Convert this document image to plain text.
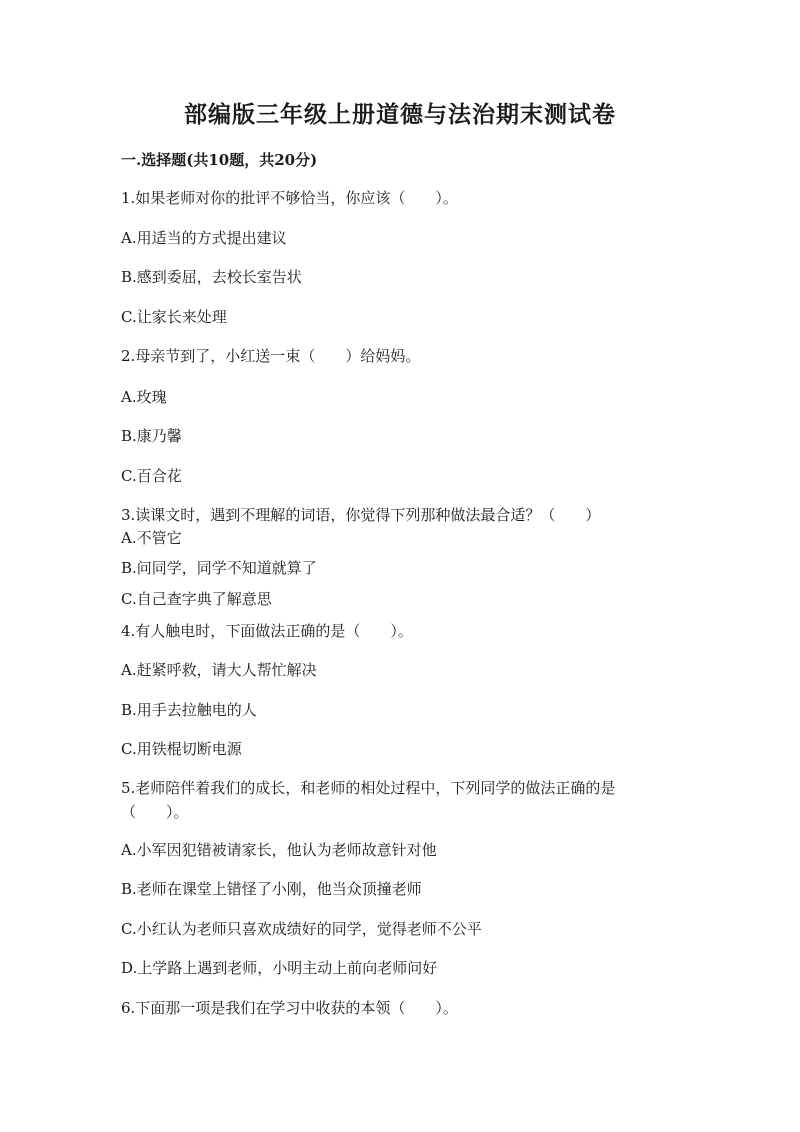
部编版三年级上册道德与法治期末测试卷

一.选择题(共10题，共20分)

1.如果老师对你的批评不够恰当，你应该（　　）。

A.用适当的方式提出建议

B.感到委屈，去校长室告状

C.让家长来处理

2.母亲节到了，小红送一束（　　）给妈妈。

A.玫瑰

B.康乃馨

C.百合花

3.读课文时，遇到不理解的词语，你觉得下列那种做法最合适？（　　）

A.不管它

B.问同学，同学不知道就算了

C.自己查字典了解意思

4.有人触电时，下面做法正确的是（　　）。

A.赶紧呼救，请大人帮忙解决

B.用手去拉触电的人

C.用铁棍切断电源

5.老师陪伴着我们的成长，和老师的相处过程中，下列同学的做法正确的是（　　）。

A.小军因犯错被请家长，他认为老师故意针对他

B.老师在课堂上错怪了小刚，他当众顶撞老师

C.小红认为老师只喜欢成绩好的同学，觉得老师不公平

D.上学路上遇到老师，小明主动上前向老师问好

6.下面那一项是我们在学习中收获的本领（　　）。
